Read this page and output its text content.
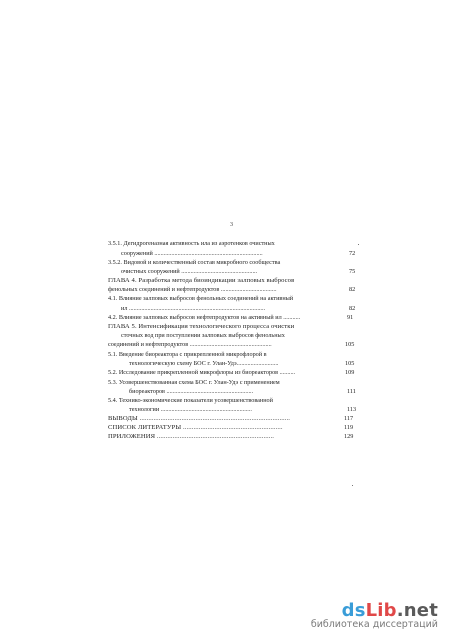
3
3.5.1. Дегидрогеназная активность ила из аэротенков очистных
сооружений ......................................................................	72
3.5.2. Видовой и количественный состав микробного сообщества
очистных сооружений .................................................	75
ГЛАВА 4. Разработка метода биоиндикации залповых выбросов
фенольных соединений и нефтепродуктов ....................................	82
4.1. Влияние залповых выбросов фенольных соединений на активный
ил ........................................................................................	82
4.2. Влияние залповых выбросов нефтепродуктов на активный ил ...........	91
ГЛАВА 5. Интенсификация технологического процесса очистки
сточных вод при поступлении залповых выбросов фенольных
соединений и нефтепродуктов .....................................................	105
5.1. Введение биореактора с прикрепленной микрофлорой в
технологическую схему БОС г. Улан-Удэ...........................	105
5.2. Исследование прикрепленной микрофлоры из биореакторов ..........	109
5.3. Усовершенствованная схема БОС г. Улан-Удэ с применением
биореакторов ........................................................	111
5.4. Технико-экономические показатели усовершенствованной
технологии ...........................................................	113
ВЫВОДЫ ......................................................................................	117
СПИСОК ЛИТЕРАТУРЫ .........................................................	119
ПРИЛОЖЕНИЯ ...................................................................	129
dsLib.net
библиотека диссертаций
